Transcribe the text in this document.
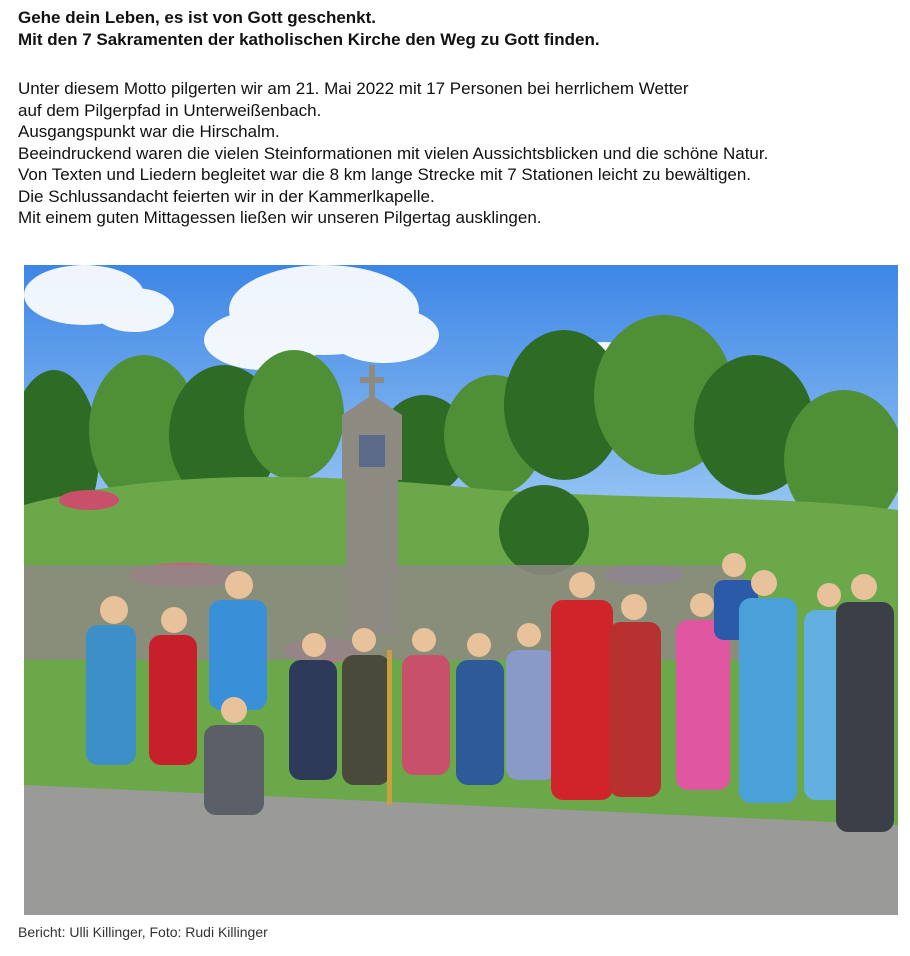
Gehe dein Leben, es ist von Gott geschenkt.
Mit den 7 Sakramenten der katholischen Kirche den Weg zu Gott finden.
Unter diesem Motto pilgerten wir am 21. Mai 2022 mit 17 Personen bei herrlichem Wetter
auf dem Pilgerpfad in Unterweißenbach.
Ausgangspunkt war die Hirschalm.
Beeindruckend waren die vielen Steinformationen mit vielen Aussichtsblicken und die schöne Natur.
Von Texten und Liedern begleitet war die 8 km lange Strecke mit 7 Stationen leicht zu bewältigen.
Die Schlussandacht feierten wir in der Kammerlkapelle.
Mit einem guten Mittagessen ließen wir unseren Pilgertag ausklingen.
Bericht: Ulli Killinger, Foto: Rudi Killinger
